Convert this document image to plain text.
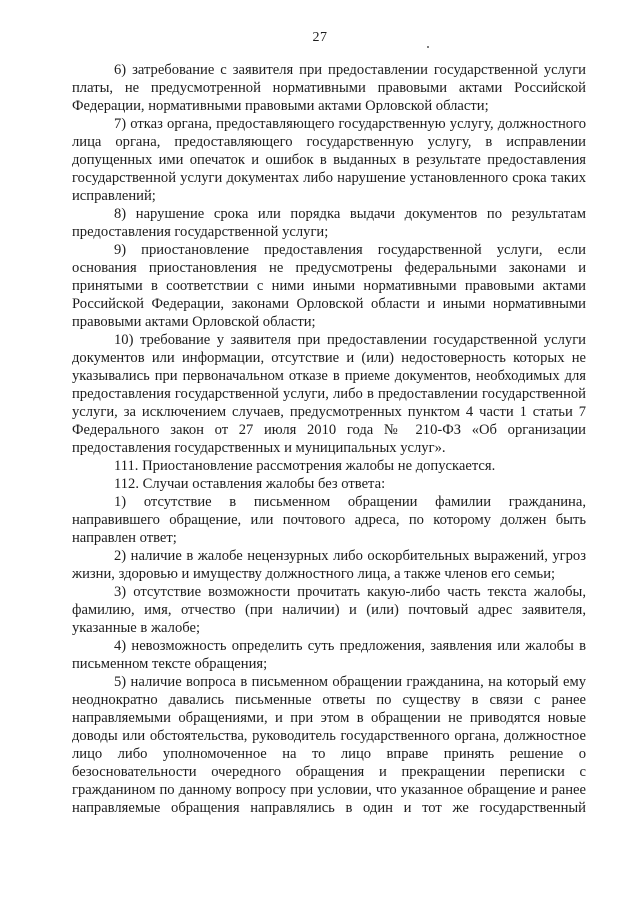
27

6) затребование с заявителя при предоставлении государственной услуги платы, не предусмотренной нормативными правовыми актами Российской Федерации, нормативными правовыми актами Орловской области;

7) отказ органа, предоставляющего государственную услугу, должностного лица органа, предоставляющего государственную услугу, в исправлении допущенных ими опечаток и ошибок в выданных в результате предоставления государственной услуги документах либо нарушение установленного срока таких исправлений;

8) нарушение срока или порядка выдачи документов по результатам предоставления государственной услуги;

9) приостановление предоставления государственной услуги, если основания приостановления не предусмотрены федеральными законами и принятыми в соответствии с ними иными нормативными правовыми актами Российской Федерации, законами Орловской области и иными нормативными правовыми актами Орловской области;

10) требование у заявителя при предоставлении государственной услуги документов или информации, отсутствие и (или) недостоверность которых не указывались при первоначальном отказе в приеме документов, необходимых для предоставления государственной услуги, либо в предоставлении государственной услуги, за исключением случаев, предусмотренных пунктом 4 части 1 статьи 7 Федерального закон от 27 июля 2010 года № 210-ФЗ «Об организации предоставления государственных и муниципальных услуг».

111. Приостановление рассмотрения жалобы не допускается.

112. Случаи оставления жалобы без ответа:

1) отсутствие в письменном обращении фамилии гражданина, направившего обращение, или почтового адреса, по которому должен быть направлен ответ;

2) наличие в жалобе нецензурных либо оскорбительных выражений, угроз жизни, здоровью и имуществу должностного лица, а также членов его семьи;

3) отсутствие возможности прочитать какую-либо часть текста жалобы, фамилию, имя, отчество (при наличии) и (или) почтовый адрес заявителя, указанные в жалобе;

4) невозможность определить суть предложения, заявления или жалобы в письменном тексте обращения;

5) наличие вопроса в письменном обращении гражданина, на который ему неоднократно давались письменные ответы по существу в связи с ранее направляемыми обращениями, и при этом в обращении не приводятся новые доводы или обстоятельства, руководитель государственного органа, должностное лицо либо уполномоченное на то лицо вправе принять решение о безосновательности очередного обращения и прекращении переписки с гражданином по данному вопросу при условии, что указанное обращение и ранее направляемые обращения направлялись в один и тот же государственный
